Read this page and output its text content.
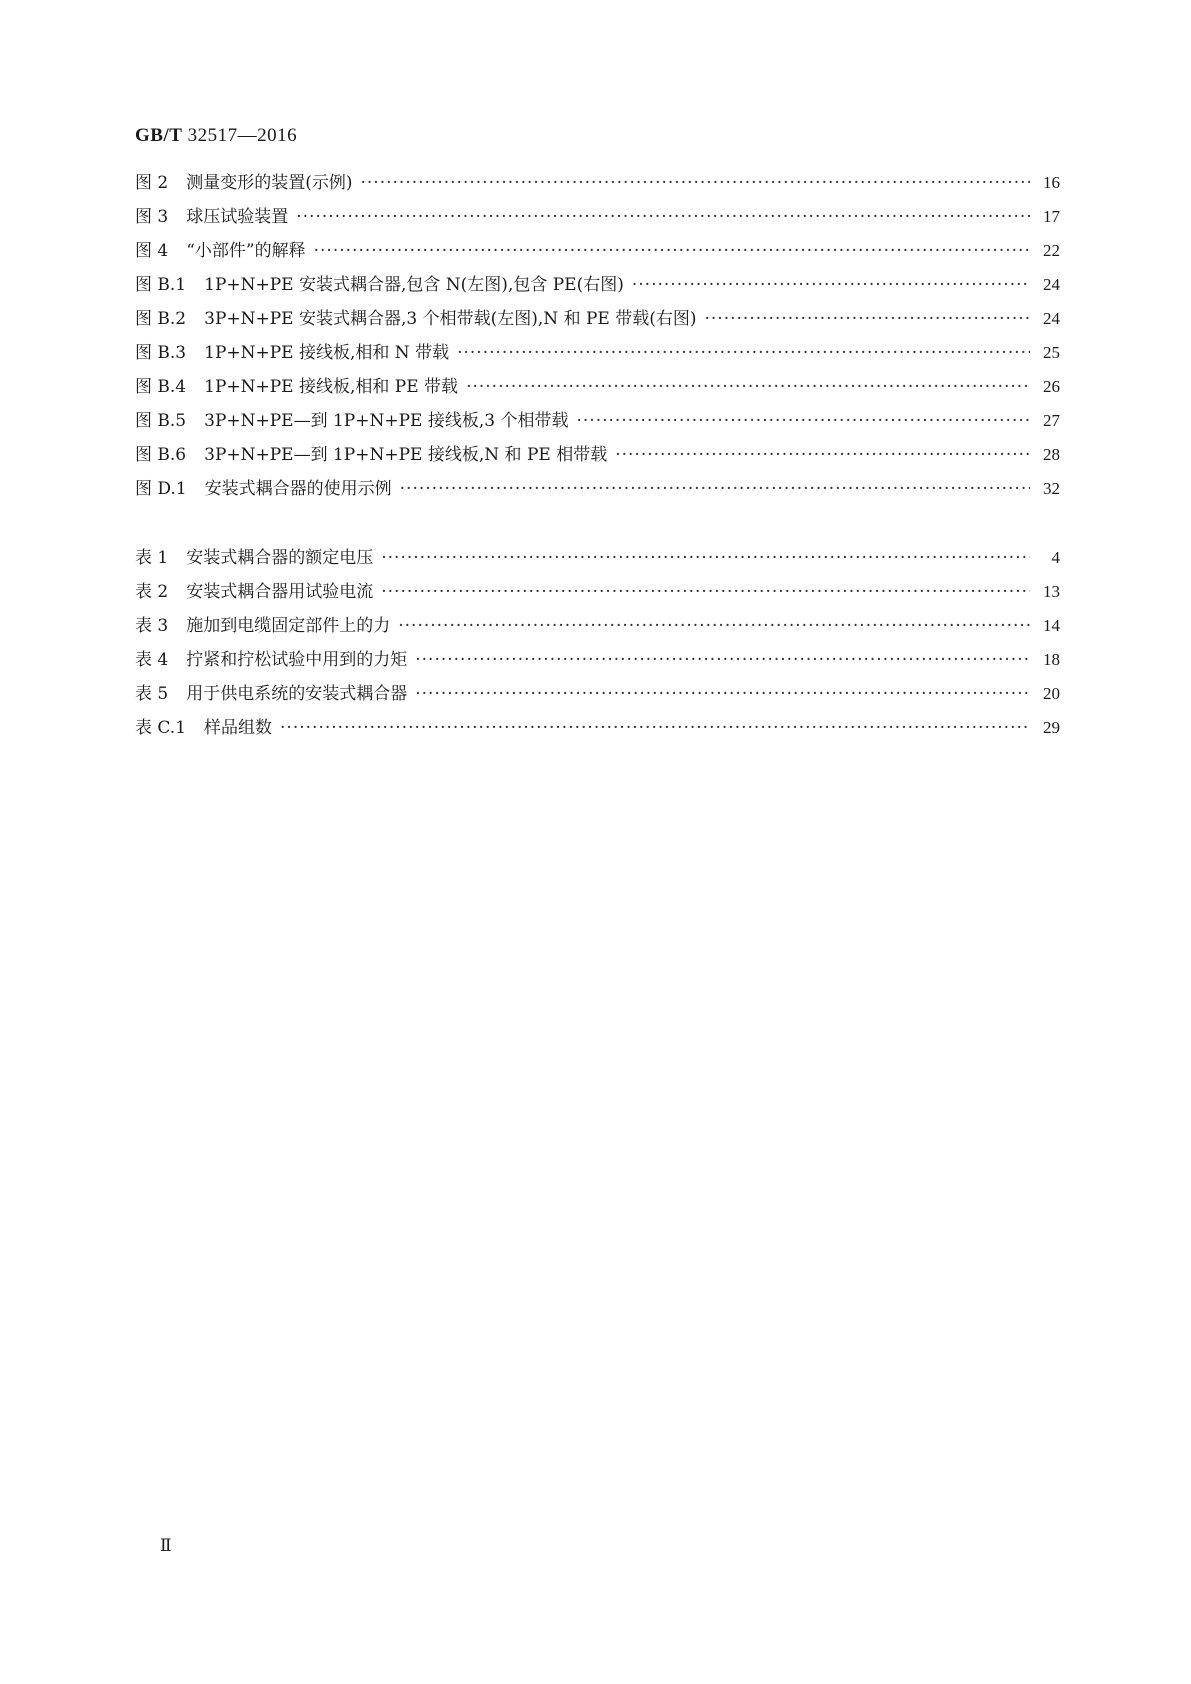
GB/T 32517—2016
图 2 测量变形的装置(示例) ·····	16
图 3 球压试验装置 ·····	17
图 4 “小部件”的解释 ·····	22
图 B.1 1P+N+PE 安装式耦合器,包含 N(左图),包含 PE(右图) ·····	24
图 B.2 3P+N+PE 安装式耦合器,3 个相带载(左图),N 和 PE 带载(右图) ·····	24
图 B.3 1P+N+PE 接线板,相和 N 带载 ·····	25
图 B.4 1P+N+PE 接线板,相和 PE 带载 ·····	26
图 B.5 3P+N+PE—到 1P+N+PE 接线板,3 个相带载 ·····	27
图 B.6 3P+N+PE—到 1P+N+PE 接线板,N 和 PE 相带载 ·····	28
图 D.1 安装式耦合器的使用示例 ·····	32
表 1 安装式耦合器的额定电压 ·····	4
表 2 安装式耦合器用试验电流 ·····	13
表 3 施加到电缆固定部件上的力 ·····	14
表 4 拧紧和拧松试验中用到的力矩 ·····	18
表 5 用于供电系统的安装式耦合器 ·····	20
表 C.1 样品组数 ·····	29
Ⅱ
